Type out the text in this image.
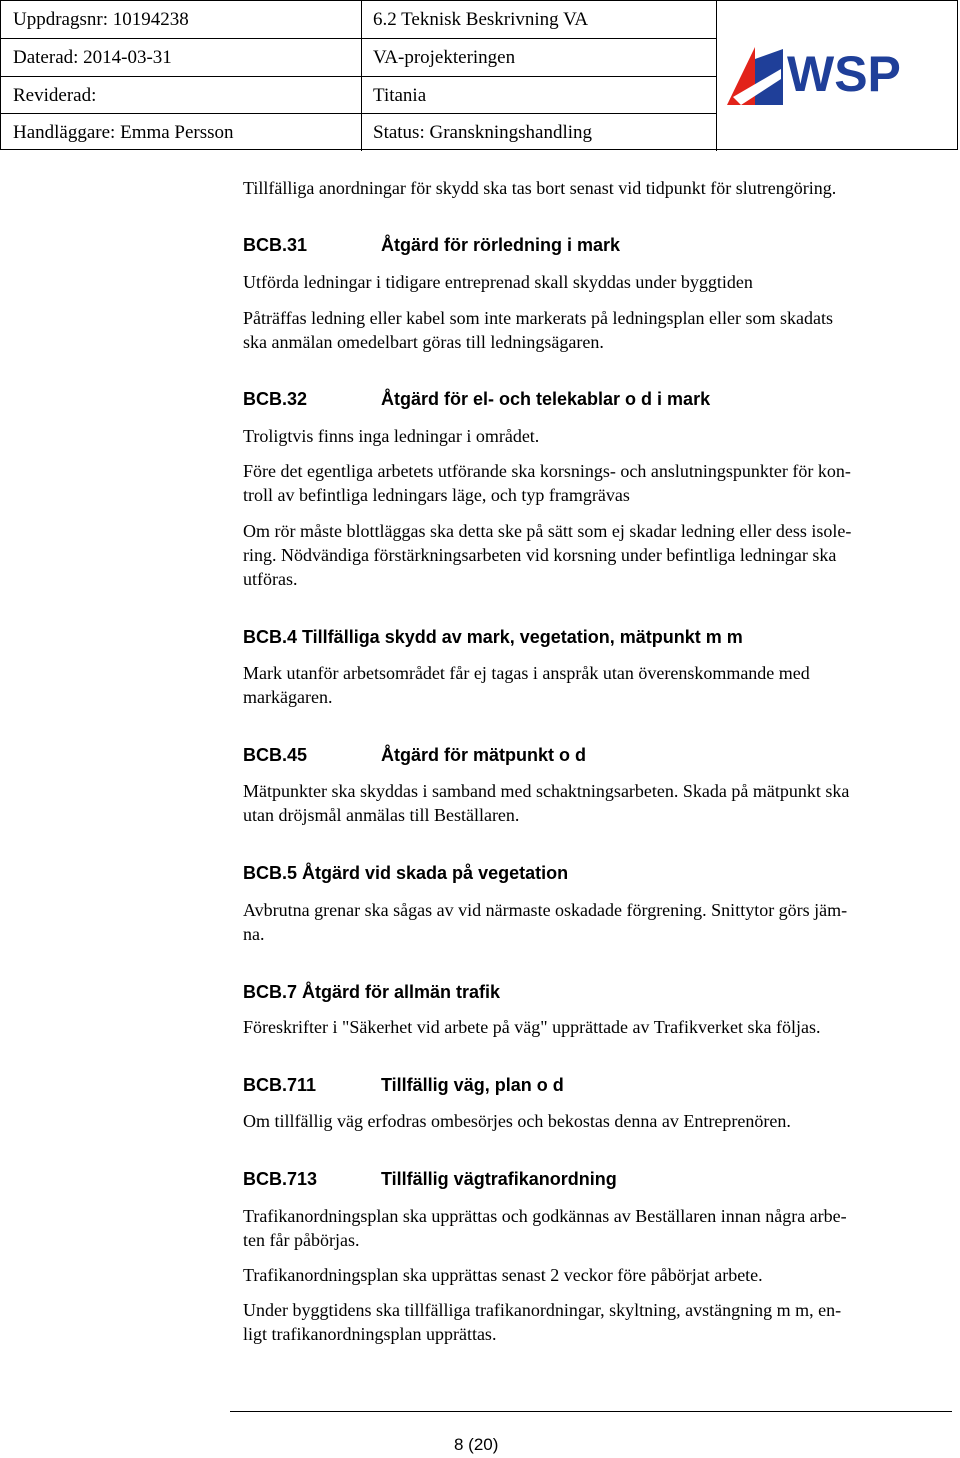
Uppdragsnr: 10194238	6.2 Teknisk Beskrivning VA
Daterad: 2014-03-31	VA-projekteringen
Reviderad:	Titania
Handläggare: Emma Persson	Status: Granskningshandling
WSP
Tillfälliga anordningar för skydd ska tas bort senast vid tidpunkt för slutrengöring.
BCB.31	Åtgärd för rörledning i mark
Utförda ledningar i tidigare entreprenad skall skyddas under byggtiden
Påträffas ledning eller kabel som inte markerats på ledningsplan eller som skadats
ska anmälan omedelbart göras till ledningsägaren.
BCB.32	Åtgärd för el- och telekablar o d i mark
Troligtvis finns inga ledningar i området.
Före det egentliga arbetets utförande ska korsnings- och anslutningspunkter för kon-
troll av befintliga ledningars läge, och typ framgrävas
Om rör måste blottläggas ska detta ske på sätt som ej skadar ledning eller dess isole-
ring. Nödvändiga förstärkningsarbeten vid korsning under befintliga ledningar ska
utföras.
BCB.4 Tillfälliga skydd av mark, vegetation, mätpunkt m m
Mark utanför arbetsområdet får ej tagas i anspråk utan överenskommande med
markägaren.
BCB.45	Åtgärd för mätpunkt o d
Mätpunkter ska skyddas i samband med schaktningsarbeten. Skada på mätpunkt ska
utan dröjsmål anmälas till Beställaren.
BCB.5 Åtgärd vid skada på vegetation
Avbrutna grenar ska sågas av vid närmaste oskadade förgrening. Snittytor görs jäm-
na.
BCB.7 Åtgärd för allmän trafik
Föreskrifter i "Säkerhet vid arbete på väg" upprättade av Trafikverket ska följas.
BCB.711	Tillfällig väg, plan o d
Om tillfällig väg erfodras ombesörjes och bekostas denna av Entreprenören.
BCB.713	Tillfällig vägtrafikanordning
Trafikanordningsplan ska upprättas och godkännas av Beställaren innan några arbe-
ten får påbörjas.
Trafikanordningsplan ska upprättas senast 2 veckor före påbörjat arbete.
Under byggtidens ska tillfälliga trafikanordningar, skyltning, avstängning m m, en-
ligt trafikanordningsplan upprättas.
8 (20)
